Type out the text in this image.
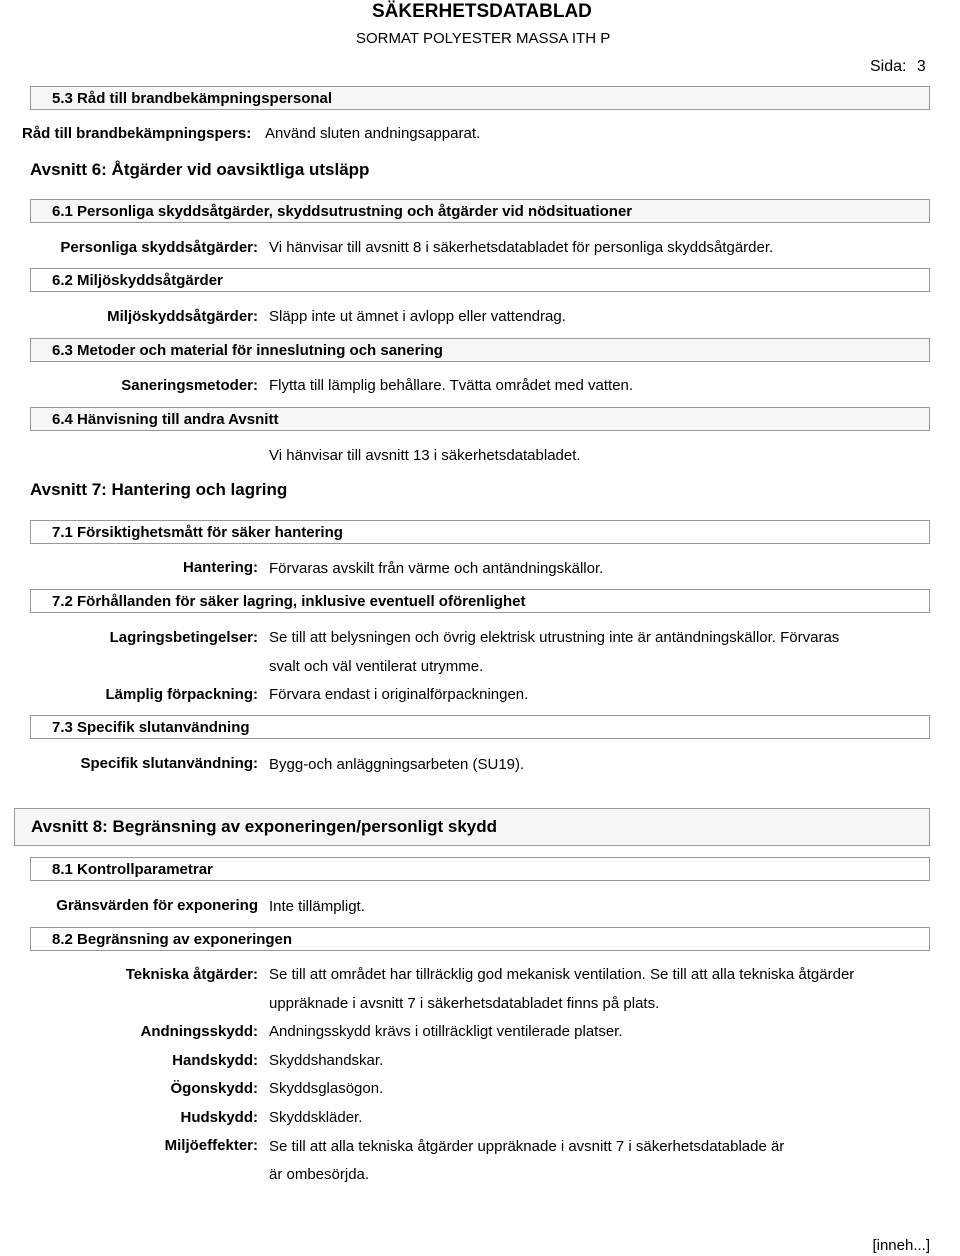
SÄKERHETSDATABLAD
SORMAT POLYESTER MASSA ITH P
Sida: 3
5.3 Råd till brandbekämpningspersonal
Råd till brandbekämpningspers: Använd sluten andningsapparat.
Avsnitt 6: Åtgärder vid oavsiktliga utsläpp
6.1 Personliga skyddsåtgärder, skyddsutrustning och åtgärder vid nödsituationer
Personliga skyddsåtgärder: Vi hänvisar till avsnitt 8 i säkerhetsdatabladet för personliga skyddsåtgärder.
6.2 Miljöskyddsåtgärder
Miljöskyddsåtgärder: Släpp inte ut ämnet i avlopp eller vattendrag.
6.3 Metoder och material för inneslutning och sanering
Saneringsmetoder: Flytta till lämplig behållare. Tvätta området med vatten.
6.4 Hänvisning till andra Avsnitt
Vi hänvisar till avsnitt 13 i säkerhetsdatabladet.
Avsnitt 7: Hantering och lagring
7.1 Försiktighetsmått för säker hantering
Hantering: Förvaras avskilt från värme och antändningskällor.
7.2 Förhållanden för säker lagring, inklusive eventuell oförenlighet
Lagringsbetingelser: Se till att belysningen och övrig elektrisk utrustning inte är antändningskällor. Förvaras
svalt och väl ventilerat utrymme.
Lämplig förpackning: Förvara endast i originalförpackningen.
7.3 Specifik slutanvändning
Specifik slutanvändning: Bygg-och anläggningsarbeten (SU19).
Avsnitt 8: Begränsning av exponeringen/personligt skydd
8.1 Kontrollparametrar
Gränsvärden för exponering Inte tillämpligt.
8.2 Begränsning av exponeringen
Tekniska åtgärder: Se till att området har tillräcklig god mekanisk ventilation. Se till att alla tekniska åtgärder
uppräknade i avsnitt 7 i säkerhetsdatabladet finns på plats.
Andningsskydd: Andningsskydd krävs i otillräckligt ventilerade platser.
Handskydd: Skyddshandskar.
Ögonskydd: Skyddsglasögon.
Hudskydd: Skyddskläder.
Miljöeffekter: Se till att alla tekniska åtgärder uppräknade i avsnitt 7 i säkerhetsdatablade är
är ombesörjda.
[inneh...]
